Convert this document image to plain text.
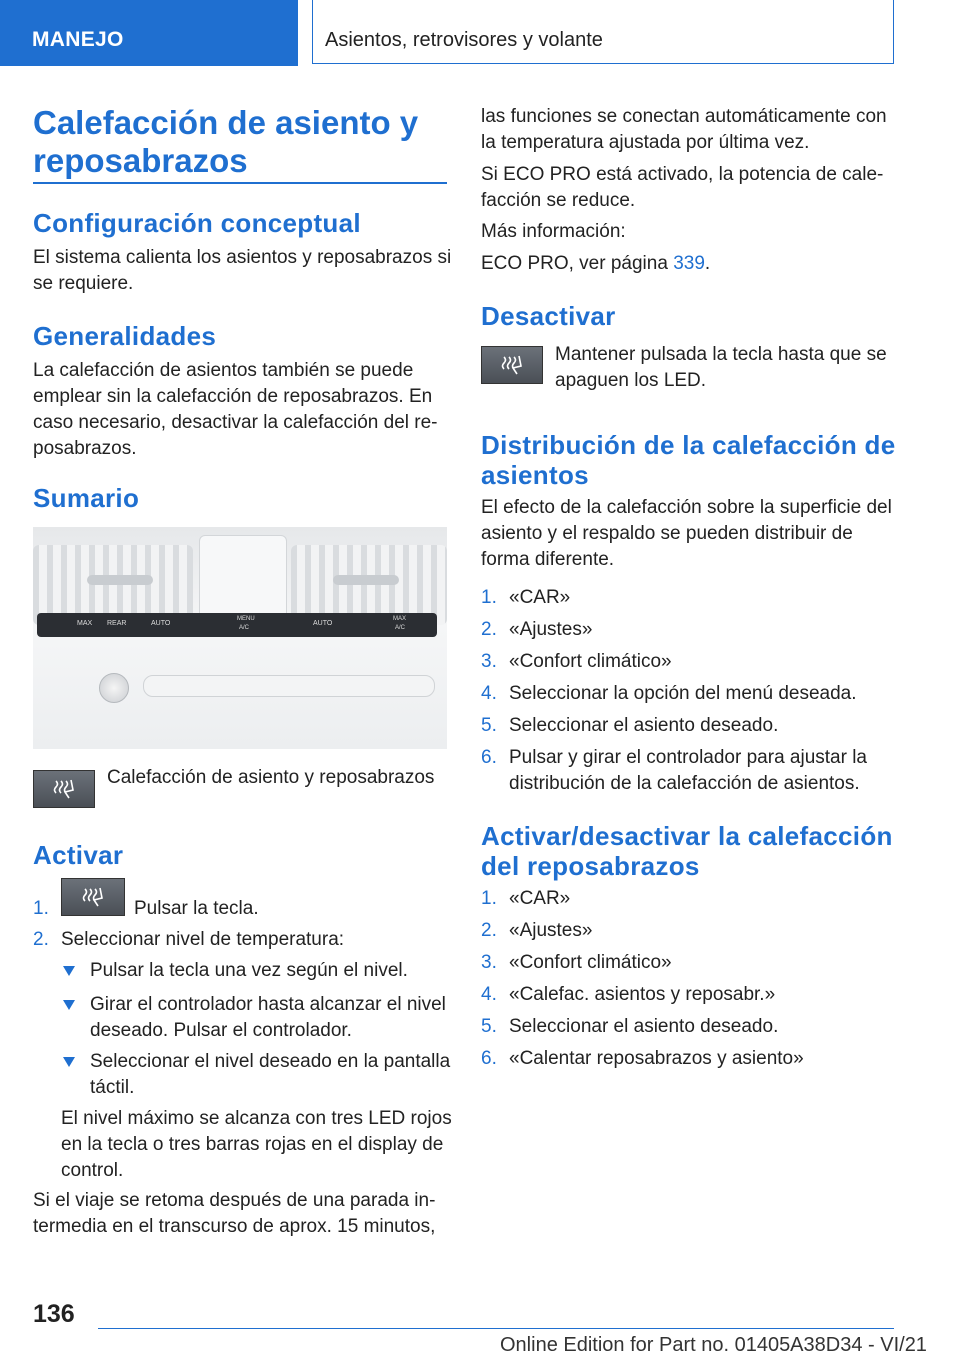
MANEJO	Asientos, retrovisores y volante
Calefacción de asiento y
reposabrazos
Configuración conceptual
El sistema calienta los asientos y reposabrazos si
se requiere.
Generalidades
La calefacción de asientos también se puede
emplear sin la calefacción de reposabrazos. En
caso necesario, desactivar la calefacción del re‐
posabrazos.
Sumario
MAX REAR	AUTO
MENU
A/C
AUTO
MAX
A/C
Calefacción de asiento y reposabrazos
Activar
1.	Pulsar la tecla.
2. Seleccionar nivel de temperatura:
Pulsar la tecla una vez según el nivel.
Girar el controlador hasta alcanzar el nivel
deseado. Pulsar el controlador.
Seleccionar el nivel deseado en la pantalla
táctil.
El nivel máximo se alcanza con tres LED rojos
en la tecla o tres barras rojas en el display de
control.
Si el viaje se retoma después de una parada in‐
termedia en el transcurso de aprox. 15 minutos,
las funciones se conectan automáticamente con
la temperatura ajustada por última vez.
Si ECO PRO está activado, la potencia de cale‐
facción se reduce.
Más información:
ECO PRO, ver página 339.
Desactivar
Mantener pulsada la tecla hasta que se
apaguen los LED.
Distribución de la calefacción de
asientos
El efecto de la calefacción sobre la superficie del
asiento y el respaldo se pueden distribuir de
forma diferente.
1. «CAR»
2. «Ajustes»
3. «Confort climático»
4. Seleccionar la opción del menú deseada.
5. Seleccionar el asiento deseado.
6. Pulsar y girar el controlador para ajustar la
distribución de la calefacción de asientos.
Activar/desactivar la calefacción
del reposabrazos
1. «CAR»
2. «Ajustes»
3. «Confort climático»
4. «Calefac. asientos y reposabr.»
5. Seleccionar el asiento deseado.
6. «Calentar reposabrazos y asiento»
136
Online Edition for Part no. 01405A38D34 - VI/21
